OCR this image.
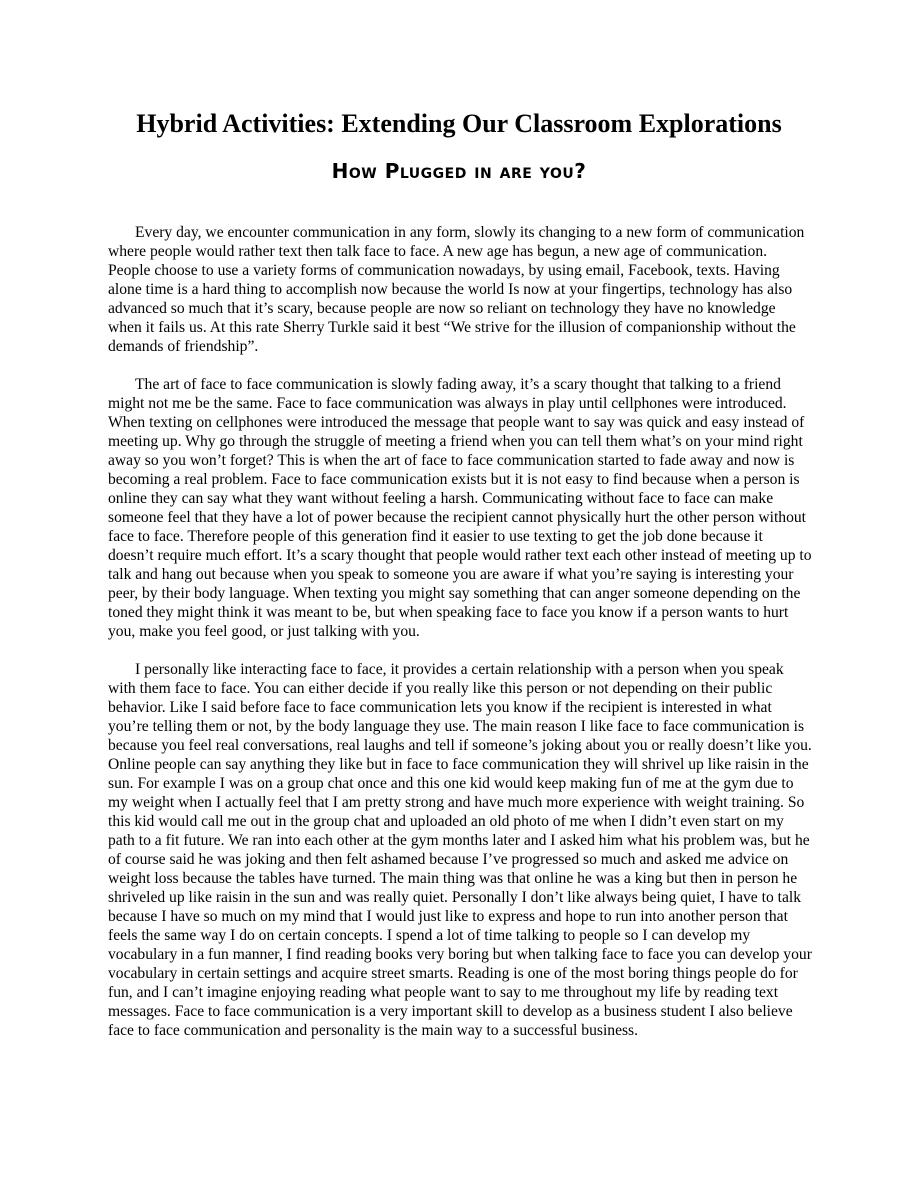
Hybrid Activities: Extending Our Classroom Explorations
How Plugged in are you?

Every day, we encounter communication in any form, slowly its changing to a new form of communication where people would rather text then talk face to face. A new age has begun, a new age of communication. People choose to use a variety forms of communication nowadays, by using email, Facebook, texts. Having alone time is a hard thing to accomplish now because the world Is now at your fingertips, technology has also advanced so much that it’s scary, because people are now so reliant on technology they have no knowledge when it fails us. At this rate Sherry Turkle said it best “We strive for the illusion of companionship without the demands of friendship”.

The art of face to face communication is slowly fading away, it’s a scary thought that talking to a friend might not me be the same. Face to face communication was always in play until cellphones were introduced. When texting on cellphones were introduced the message that people want to say was quick and easy instead of meeting up. Why go through the struggle of meeting a friend when you can tell them what’s on your mind right away so you won’t forget? This is when the art of face to face communication started to fade away and now is becoming a real problem. Face to face communication exists but it is not easy to find because when a person is online they can say what they want without feeling a harsh. Communicating without face to face can make someone feel that they have a lot of power because the recipient cannot physically hurt the other person without face to face. Therefore people of this generation find it easier to use texting to get the job done because it doesn’t require much effort. It’s a scary thought that people would rather text each other instead of meeting up to talk and hang out because when you speak to someone you are aware if what you’re saying is interesting your peer, by their body language. When texting you might say something that can anger someone depending on the toned they might think it was meant to be, but when speaking face to face you know if a person wants to hurt you, make you feel good, or just talking with you.

I personally like interacting face to face, it provides a certain relationship with a person when you speak with them face to face. You can either decide if you really like this person or not depending on their public behavior. Like I said before face to face communication lets you know if the recipient is interested in what you’re telling them or not, by the body language they use. The main reason I like face to face communication is because you feel real conversations, real laughs and tell if someone’s joking about you or really doesn’t like you. Online people can say anything they like but in face to face communication they will shrivel up like raisin in the sun. For example I was on a group chat once and this one kid would keep making fun of me at the gym due to my weight when I actually feel that I am pretty strong and have much more experience with weight training. So this kid would call me out in the group chat and uploaded an old photo of me when I didn’t even start on my path to a fit future. We ran into each other at the gym months later and I asked him what his problem was, but he of course said he was joking and then felt ashamed because I’ve progressed so much and asked me advice on weight loss because the tables have turned. The main thing was that online he was a king but then in person he shriveled up like raisin in the sun and was really quiet. Personally I don’t like always being quiet, I have to talk because I have so much on my mind that I would just like to express and hope to run into another person that feels the same way I do on certain concepts. I spend a lot of time talking to people so I can develop my vocabulary in a fun manner, I find reading books very boring but when talking face to face you can develop your vocabulary in certain settings and acquire street smarts. Reading is one of the most boring things people do for fun, and I can’t imagine enjoying reading what people want to say to me throughout my life by reading text messages. Face to face communication is a very important skill to develop as a business student I also believe face to face communication and personality is the main way to a successful business.
